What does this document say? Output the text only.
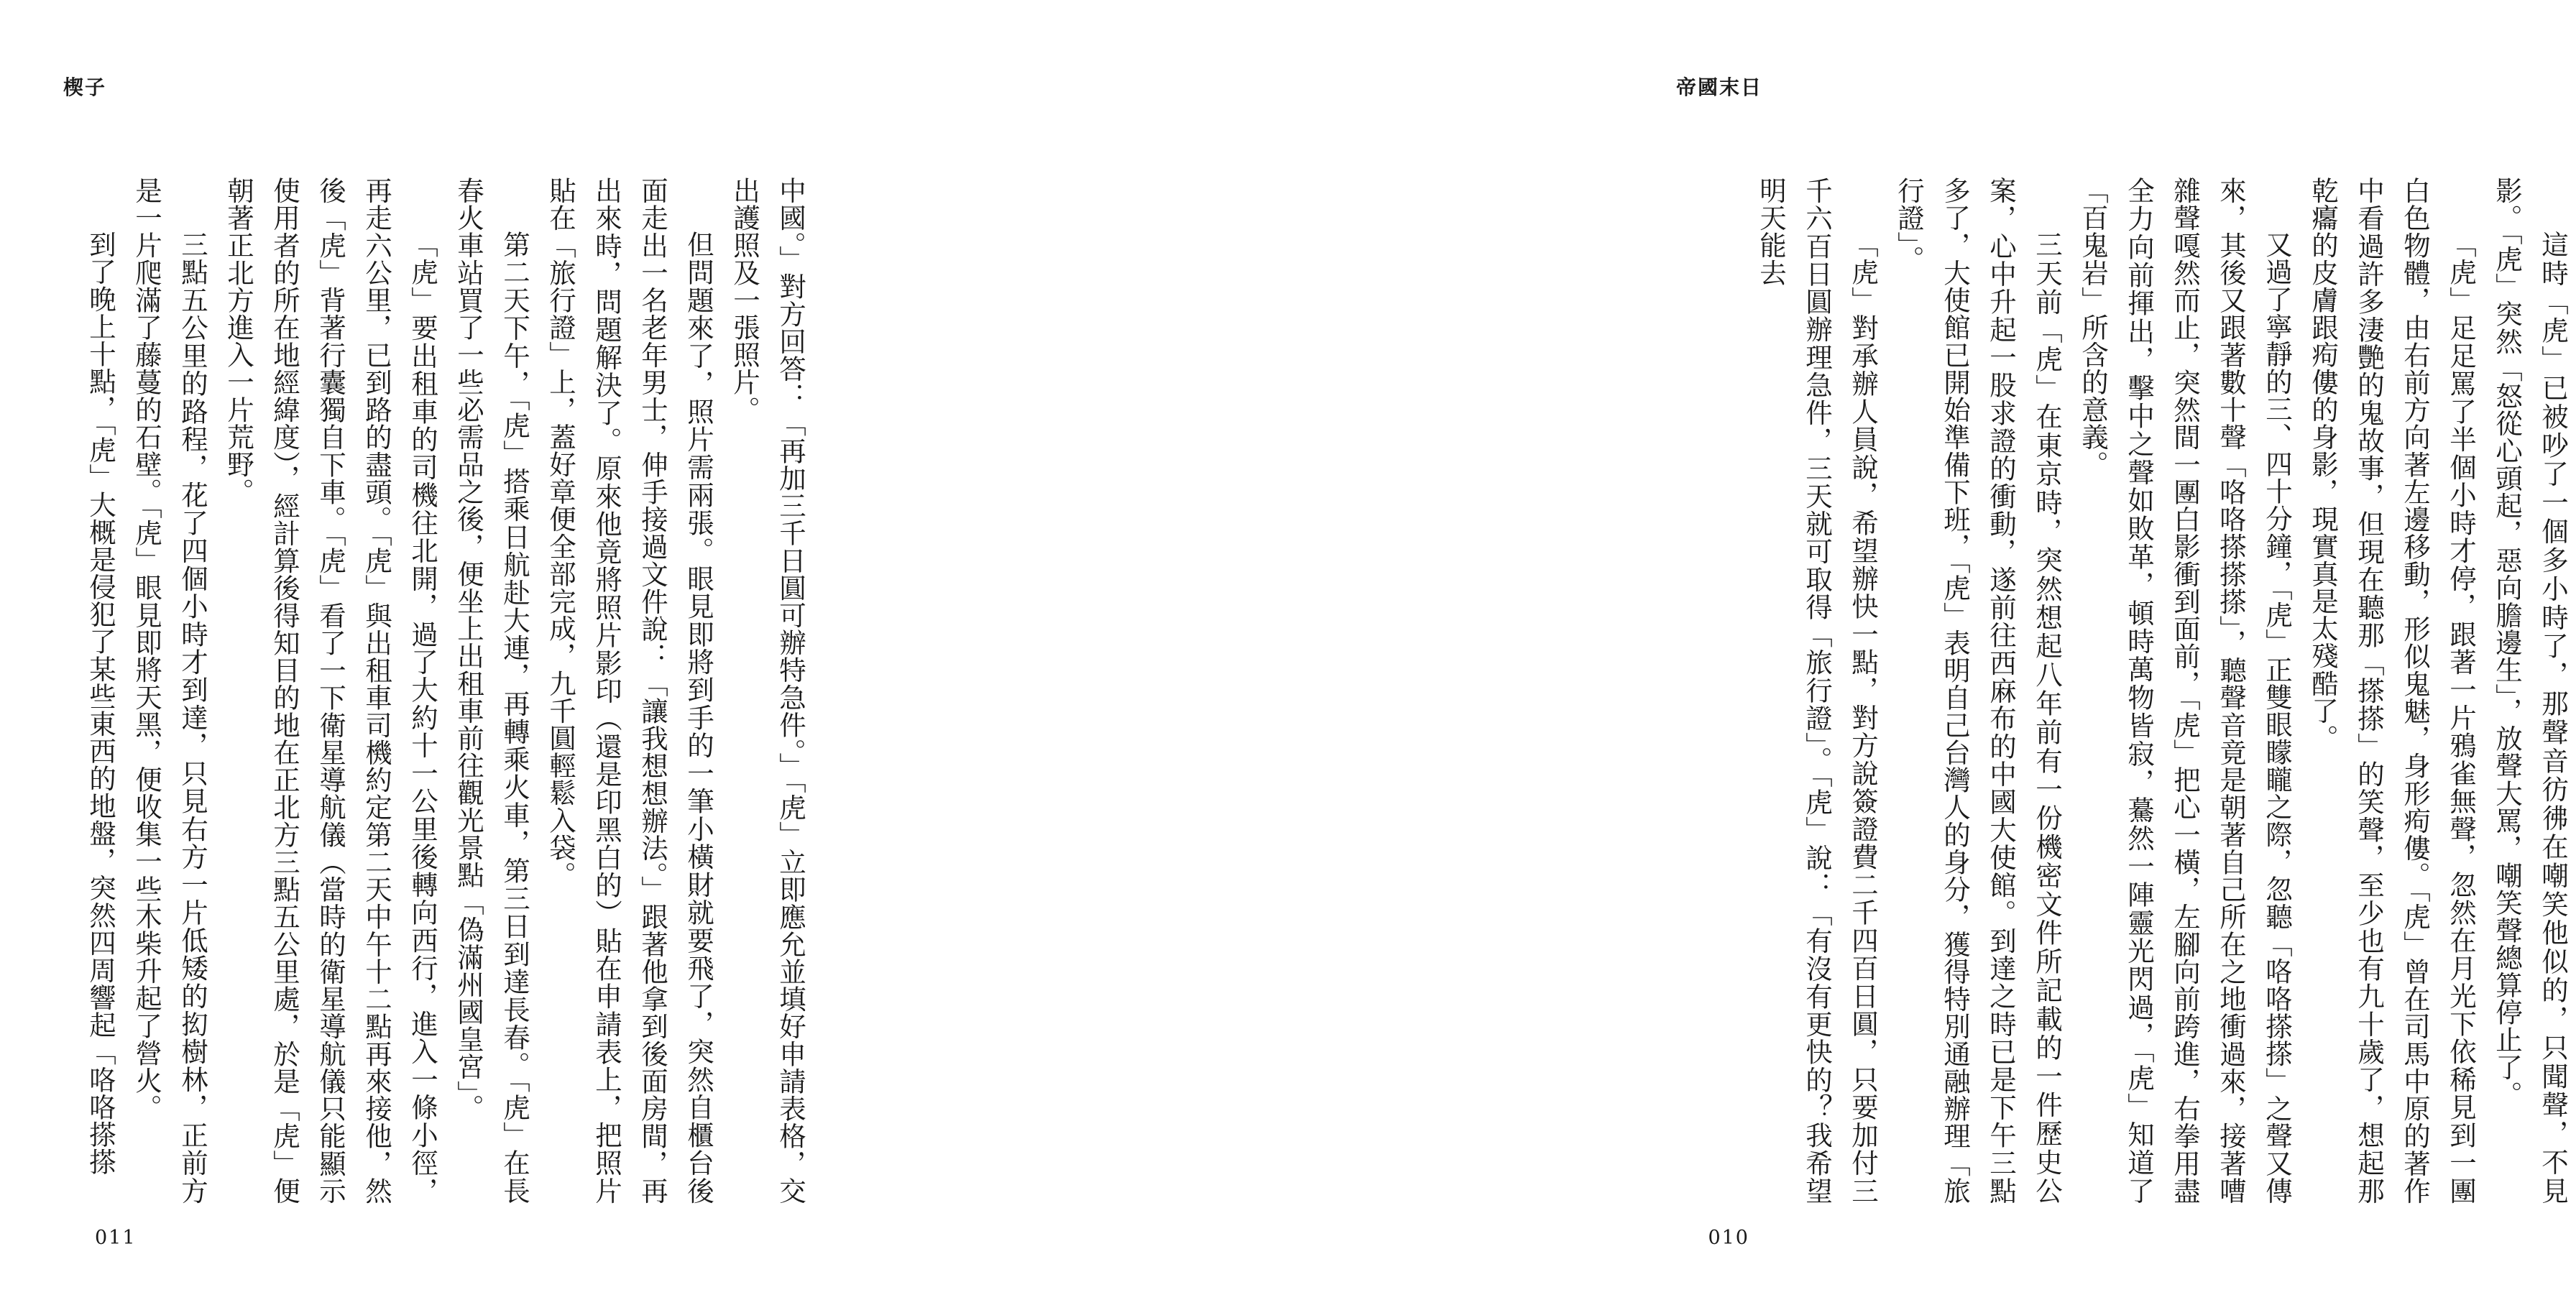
楔子

中國。」對方回答：「再加三千日圓可辦特急件。」「虎」立即應允並填好申請表格，交出護照及一張照片。

但問題來了，照片需兩張。眼見即將到手的一筆小橫財就要飛了，突然自櫃台後面走出一名老年男士，伸手接過文件說：「讓我想想辦法。」跟著他拿到後面房間，再出來時，問題解決了。原來他竟將照片影印（還是印黑白的）貼在申請表上，把照片貼在「旅行證」上，蓋好章便全部完成，九千圓輕鬆入袋。

第二天下午，「虎」搭乘日航赴大連，再轉乘火車，第三日到達長春。「虎」在長春火車站買了一些必需品之後，便坐上出租車前往觀光景點「偽滿州國皇宮」。

「虎」要出租車的司機往北開，過了大約十一公里後轉向西行，進入一條小徑，再走六公里，已到路的盡頭。「虎」與出租車司機約定第二天中午十二點再來接他，然後「虎」背著行囊獨自下車。「虎」看了一下衛星導航儀（當時的衛星導航儀只能顯示使用者的所在地經緯度），經計算後得知目的地在正北方三點五公里處，於是「虎」便朝著正北方進入一片荒野。

三點五公里的路程，花了四個小時才到達，只見右方一片低矮的抝樹林，正前方是一片爬滿了藤蔓的石壁。「虎」眼見即將天黑，便收集一些木柴升起了營火。

到了晚上十點，「虎」大概是侵犯了某些東西的地盤，突然四周響起「咯咯搽搽

011
帝國末日

這時「虎」已被吵了一個多小時了，那聲音彷彿在嘲笑他似的，只聞聲，不見影。「虎」突然「怒從心頭起，惡向膽邊生」，放聲大罵，嘲笑聲總算停止了。

「虎」足足罵了半個小時才停，跟著一片鴉雀無聲，忽然在月光下依稀見到一團白色物體，由右前方向著左邊移動，形似鬼魅，身形痀僂。「虎」曾在司馬中原的著作中看過許多淒艷的鬼故事，但現在聽那「搽搽」的笑聲，至少也有九十歲了，想起那乾癟的皮膚跟痀僂的身影，現實真是太殘酷了。

又過了寧靜的三、四十分鐘，「虎」正雙眼矇矓之際，忽聽「咯咯搽搽」之聲又傳來，其後又跟著數十聲「咯咯搽搽搽」，聽聲音竟是朝著自己所在之地衝過來，接著嘈雜聲嘎然而止，突然間一團白影衝到面前，「虎」把心一橫，左腳向前跨進，右拳用盡全力向前揮出，擊中之聲如敗革，頓時萬物皆寂，驀然一陣靈光閃過，「虎」知道了「百鬼岩」所含的意義。

三天前「虎」在東京時，突然想起八年前有一份機密文件所記載的一件歷史公案，心中升起一股求證的衝動，遂前往西麻布的中國大使館。到達之時已是下午三點多了，大使館已開始準備下班，「虎」表明自己台灣人的身分，獲得特別通融辦理「旅行證」。

「虎」對承辦人員說，希望辦快一點，對方說簽證費二千四百日圓，只要加付三千六百日圓辦理急件，三天就可取得「旅行證」。「虎」說：「有沒有更快的？我希望明天能去

010
